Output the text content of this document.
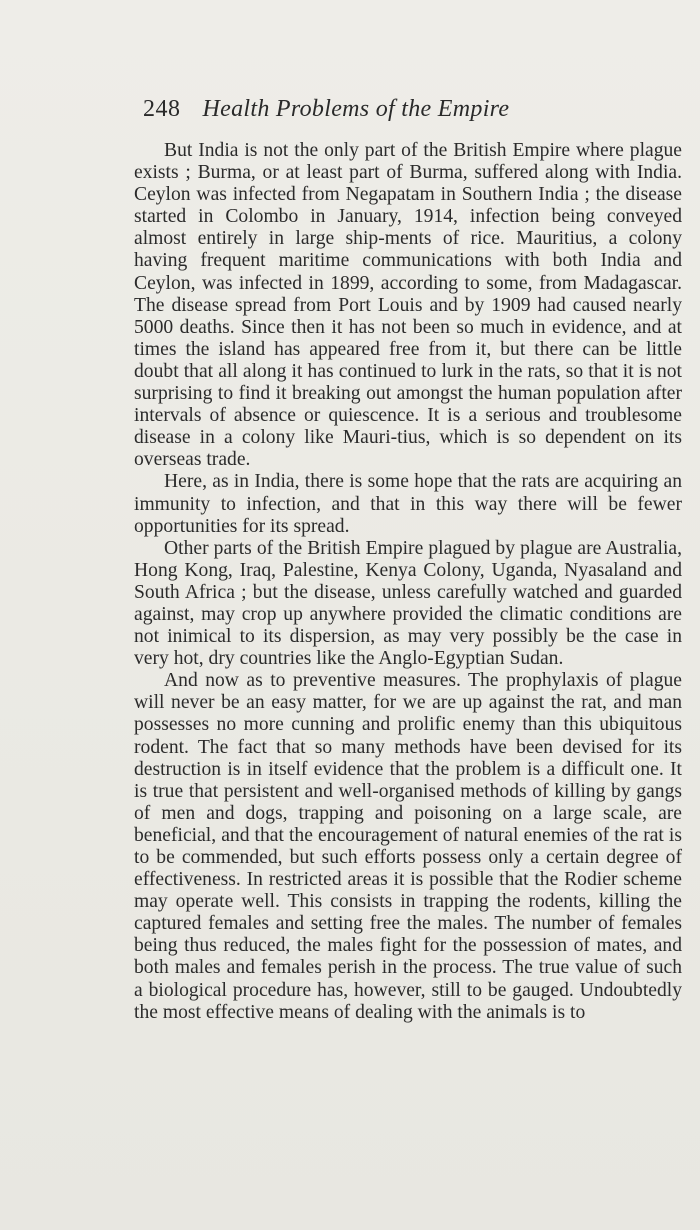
248 Health Problems of the Empire

But India is not the only part of the British Empire where plague exists ; Burma, or at least part of Burma, suffered along with India. Ceylon was infected from Negapatam in Southern India ; the disease started in Colombo in January, 1914, infection being conveyed almost entirely in large ship-ments of rice. Mauritius, a colony having frequent maritime communications with both India and Ceylon, was infected in 1899, according to some, from Madagascar. The disease spread from Port Louis and by 1909 had caused nearly 5000 deaths. Since then it has not been so much in evidence, and at times the island has appeared free from it, but there can be little doubt that all along it has continued to lurk in the rats, so that it is not surprising to find it breaking out amongst the human population after intervals of absence or quiescence. It is a serious and troublesome disease in a colony like Mauri-tius, which is so dependent on its overseas trade.

Here, as in India, there is some hope that the rats are acquiring an immunity to infection, and that in this way there will be fewer opportunities for its spread.

Other parts of the British Empire plagued by plague are Australia, Hong Kong, Iraq, Palestine, Kenya Colony, Uganda, Nyasaland and South Africa ; but the disease, unless carefully watched and guarded against, may crop up anywhere provided the climatic conditions are not inimical to its dispersion, as may very possibly be the case in very hot, dry countries like the Anglo-Egyptian Sudan.

And now as to preventive measures. The prophylaxis of plague will never be an easy matter, for we are up against the rat, and man possesses no more cunning and prolific enemy than this ubiquitous rodent. The fact that so many methods have been devised for its destruction is in itself evidence that the problem is a difficult one. It is true that persistent and well-organised methods of killing by gangs of men and dogs, trapping and poisoning on a large scale, are beneficial, and that the encouragement of natural enemies of the rat is to be commended, but such efforts possess only a certain degree of effectiveness. In restricted areas it is possible that the Rodier scheme may operate well. This consists in trapping the rodents, killing the captured females and setting free the males. The number of females being thus reduced, the males fight for the possession of mates, and both males and females perish in the process. The true value of such a biological procedure has, however, still to be gauged. Undoubtedly the most effective means of dealing with the animals is to
